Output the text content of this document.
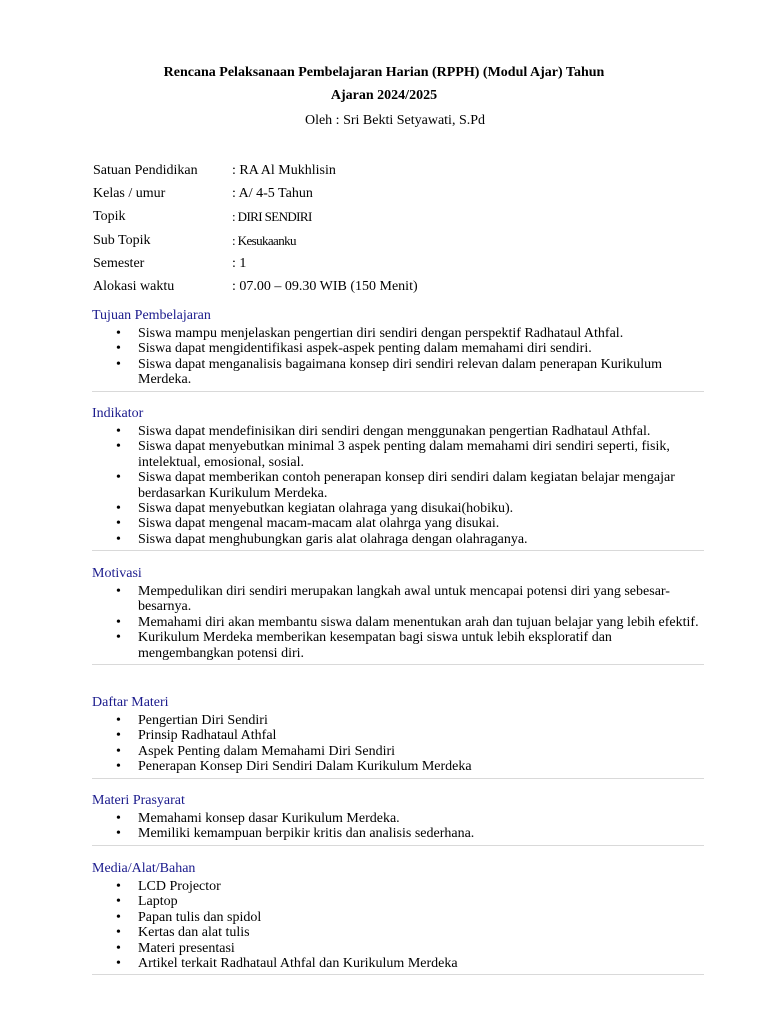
Rencana Pelaksanaan Pembelajaran Harian (RPPH) (Modul Ajar) Tahun
Ajaran 2024/2025
Oleh : Sri Bekti Setyawati, S.Pd
Satuan Pendidikan	: RA Al Mukhlisin
Kelas / umur	: A/ 4-5 Tahun
Topik	: DIRI SENDIRI
Sub Topik	: Kesukaanku
Semester	: 1
Alokasi waktu	: 07.00 – 09.30 WIB (150 Menit)
Tujuan Pembelajaran
• Siswa mampu menjelaskan pengertian diri sendiri dengan perspektif Radhataul Athfal.
• Siswa dapat mengidentifikasi aspek-aspek penting dalam memahami diri sendiri.
• Siswa dapat menganalisis bagaimana konsep diri sendiri relevan dalam penerapan Kurikulum Merdeka.
Indikator
• Siswa dapat mendefinisikan diri sendiri dengan menggunakan pengertian Radhataul Athfal.
• Siswa dapat menyebutkan minimal 3 aspek penting dalam memahami diri sendiri seperti, fisik, intelektual, emosional, sosial.
• Siswa dapat memberikan contoh penerapan konsep diri sendiri dalam kegiatan belajar mengajar berdasarkan Kurikulum Merdeka.
• Siswa dapat menyebutkan kegiatan olahraga yang disukai(hobiku).
• Siswa dapat mengenal macam-macam alat olahrga yang disukai.
• Siswa dapat menghubungkan garis alat olahraga dengan olahraganya.
Motivasi
• Mempedulikan diri sendiri merupakan langkah awal untuk mencapai potensi diri yang sebesar-besarnya.
• Memahami diri akan membantu siswa dalam menentukan arah dan tujuan belajar yang lebih efektif.
• Kurikulum Merdeka memberikan kesempatan bagi siswa untuk lebih eksploratif dan mengembangkan potensi diri.
Daftar Materi
• Pengertian Diri Sendiri
• Prinsip Radhataul Athfal
• Aspek Penting dalam Memahami Diri Sendiri
• Penerapan Konsep Diri Sendiri Dalam Kurikulum Merdeka
Materi Prasyarat
• Memahami konsep dasar Kurikulum Merdeka.
• Memiliki kemampuan berpikir kritis dan analisis sederhana.
Media/Alat/Bahan
• LCD Projector
• Laptop
• Papan tulis dan spidol
• Kertas dan alat tulis
• Materi presentasi
• Artikel terkait Radhataul Athfal dan Kurikulum Merdeka
